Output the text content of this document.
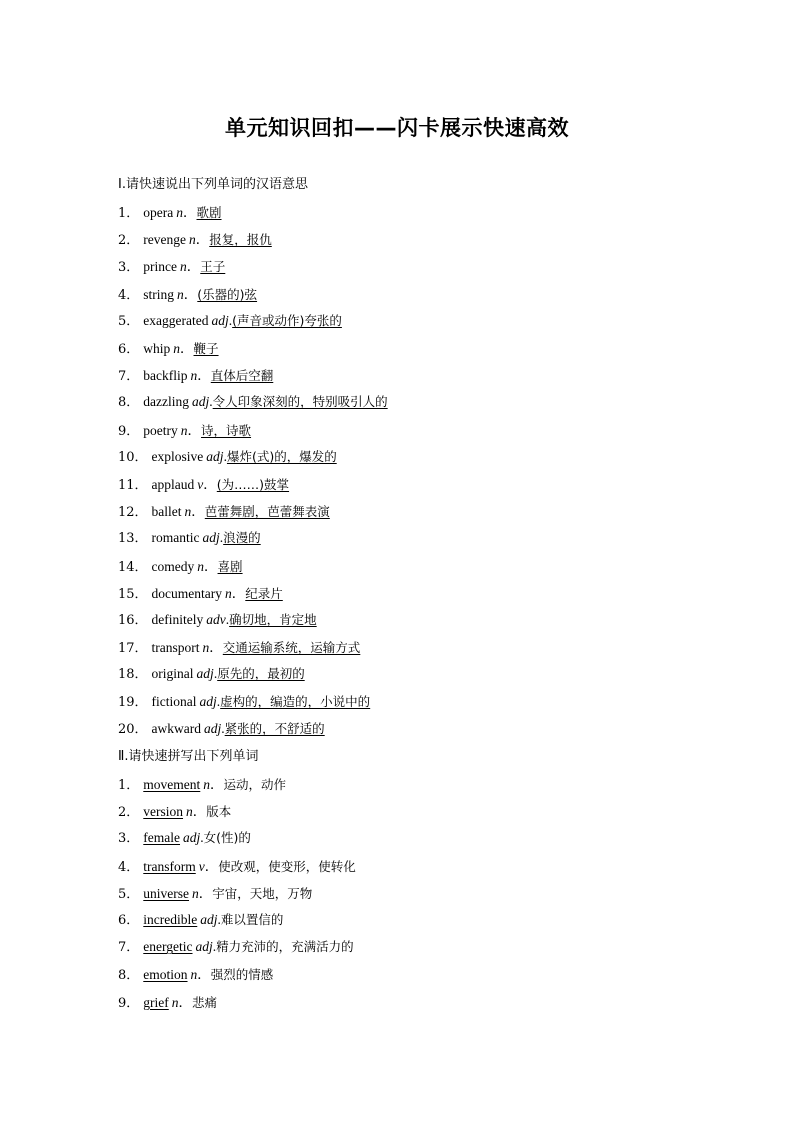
单元知识回扣——闪卡展示快速高效
Ⅰ.请快速说出下列单词的汉语意思
1． opera n．歌剧
2． revenge n．报复，报仇
3． prince n．王子
4． string n．(乐器的)弦
5． exaggerated adj.(声音或动作)夸张的
6． whip n．鞭子
7． backflip n．直体后空翻
8． dazzling adj.令人印象深刻的，特别吸引人的
9． poetry n．诗，诗歌
10． explosive adj.爆炸(式)的，爆发的
11． applaud v．(为……)鼓掌
12． ballet n．芭蕾舞剧，芭蕾舞表演
13． romantic adj.浪漫的
14． comedy n．喜剧
15． documentary n．纪录片
16． definitely adv.确切地，肯定地
17． transport n．交通运输系统，运输方式
18． original adj.原先的，最初的
19． fictional adj.虚构的，编造的，小说中的
20． awkward adj.紧张的，不舒适的
Ⅱ.请快速拼写出下列单词
1． movement n．运动，动作
2． version n．版本
3． female adj.女(性)的
4． transform v．使改观，使变形，使转化
5． universe n．宇宙，天地，万物
6． incredible adj.难以置信的
7． energetic adj.精力充沛的，充满活力的
8． emotion n．强烈的情感
9． grief n．悲痛
